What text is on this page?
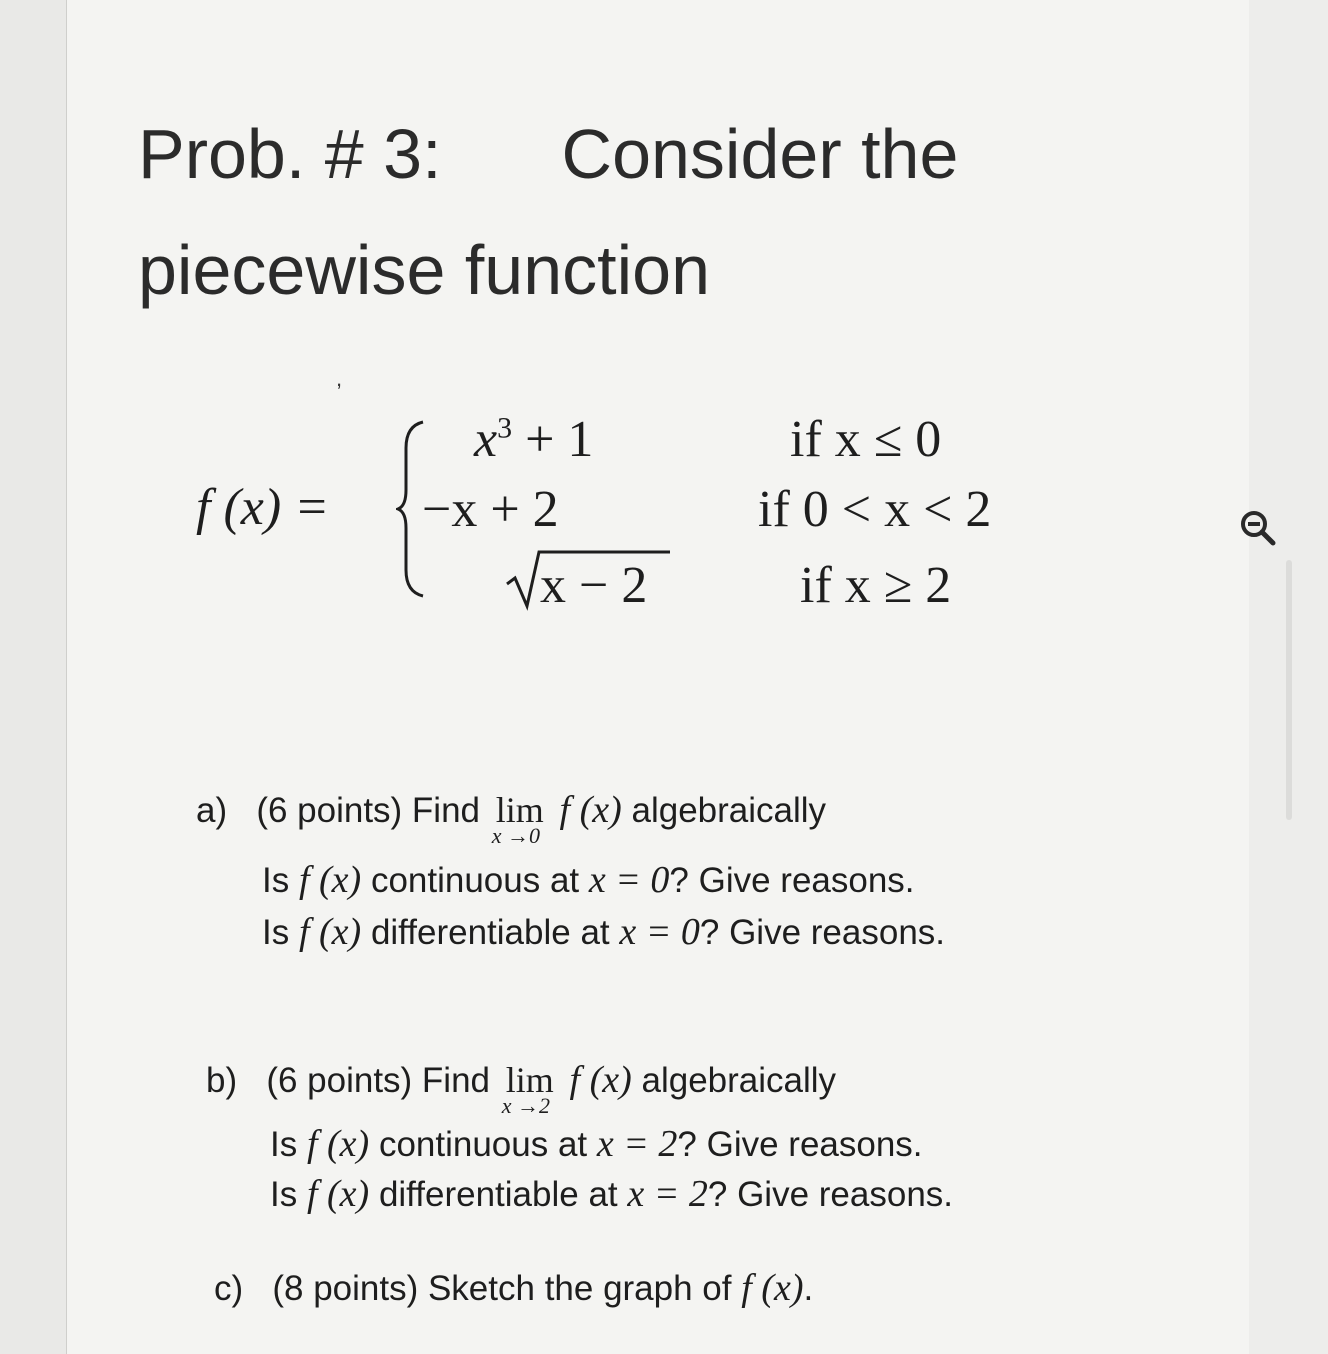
Prob. # 3: Consider the
piecewise function
,
f (x) =
$x^3 + 1$
−x + 2
x − 2
if x ≤ 0
if 0 < x < 2
if x ≥ 2
a) (6 points) Find lim
x →0
f (x) algebraically
Is f (x) continuous at x = 0? Give reasons.
Is f (x) differentiable at x = 0? Give reasons.
b) (6 points) Find lim
x →2
f (x) algebraically
Is f (x) continuous at x = 2? Give reasons.
Is f (x) differentiable at x = 2? Give reasons.
c) (8 points) Sketch the graph of f (x).
